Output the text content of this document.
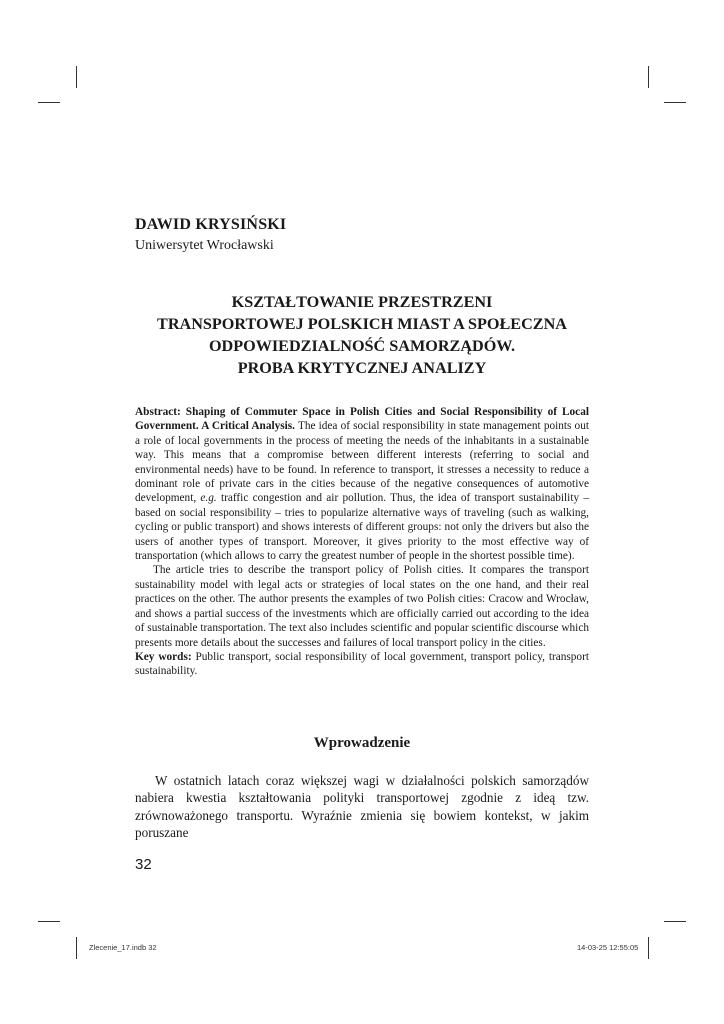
DAWID KRYSIŃSKI
Uniwersytet Wrocławski
KSZTAŁTOWANIE PRZESTRZENI
TRANSPORTOWEJ POLSKICH MIAST A SPOŁECZNA
ODPOWIEDZIALNOŚĆ SAMORZĄDÓW.
PROBA KRYTYCZNEJ ANALIZY

Abstract: Shaping of Commuter Space in Polish Cities and Social Responsibility of Local Government. A Critical Analysis. The idea of social responsibility in state management points out a role of local governments in the process of meeting the needs of the inhabitants in a sustainable way. This means that a compromise between different interests (referring to social and environmental needs) have to be found. In reference to transport, it stresses a necessity to reduce a dominant role of private cars in the cities because of the negative consequences of automotive development, e.g. traffic congestion and air pollution. Thus, the idea of transport sustainability – based on social responsibility – tries to popularize alternative ways of traveling (such as walking, cycling or public transport) and shows interests of different groups: not only the drivers but also the users of another types of transport. Moreover, it gives priority to the most effective way of transportation (which allows to carry the greatest number of people in the shortest possible time).

The article tries to describe the transport policy of Polish cities. It compares the transport sustainability model with legal acts or strategies of local states on the one hand, and their real practices on the other. The author presents the examples of two Polish cities: Cracow and Wrocław, and shows a partial success of the investments which are officially carried out according to the idea of sustainable transportation. The text also includes scientific and popular scientific discourse which presents more details about the successes and failures of local transport policy in the cities.

Key words: Public transport, social responsibility of local government, transport policy, transport sustainability.

Wprowadzenie

W ostatnich latach coraz większej wagi w działalności polskich samorządów nabiera kwestia kształtowania polityki transportowej zgodnie z ideą tzw. zrównoważonego transportu. Wyraźnie zmienia się bowiem kontekst, w jakim poruszane

32
Zlecenie_17.indb 32	14-03-25 12:55:05
